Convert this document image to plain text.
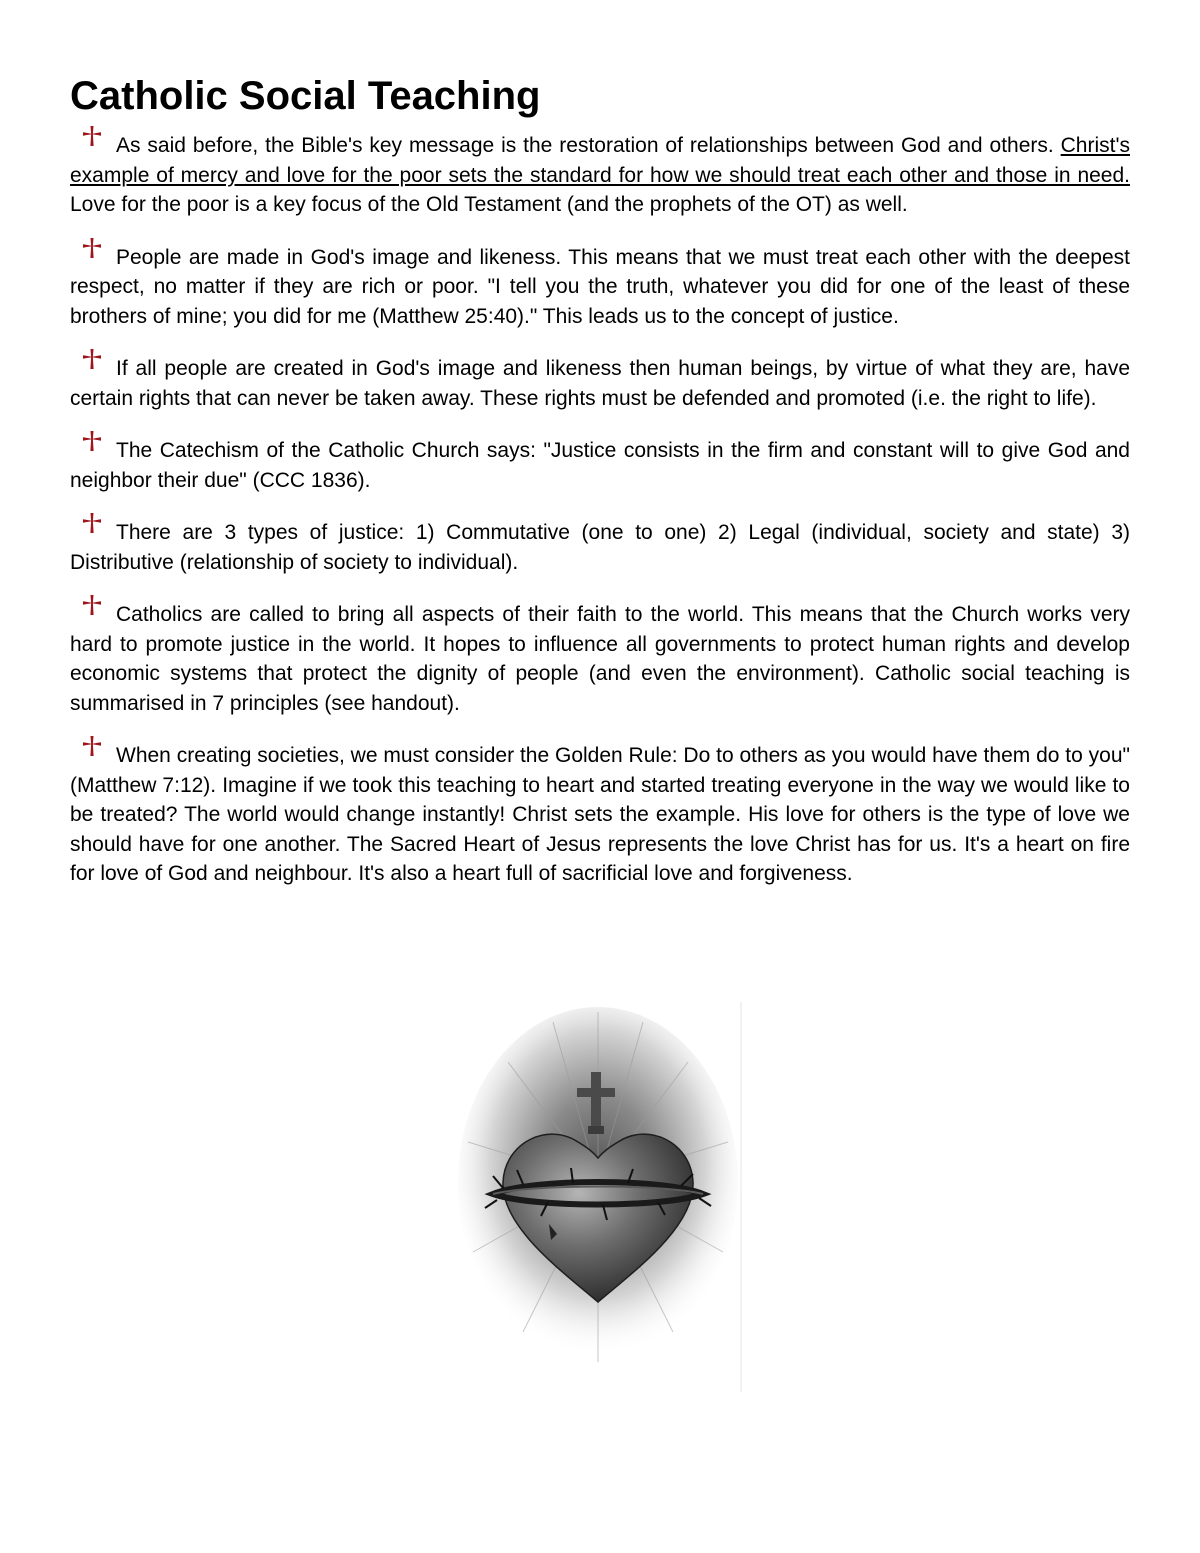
Catholic Social Teaching

As said before, the Bible's key message is the restoration of relationships between God and others. Christ's example of mercy and love for the poor sets the standard for how we should treat each other and those in need. Love for the poor is a key focus of the Old Testament (and the prophets of the OT) as well.

People are made in God's image and likeness. This means that we must treat each other with the deepest respect, no matter if they are rich or poor. "I tell you the truth, whatever you did for one of the least of these brothers of mine; you did for me (Matthew 25:40)." This leads us to the concept of justice.

If all people are created in God's image and likeness then human beings, by virtue of what they are, have certain rights that can never be taken away. These rights must be defended and promoted (i.e. the right to life).

The Catechism of the Catholic Church says: "Justice consists in the firm and constant will to give God and neighbor their due" (CCC 1836).

There are 3 types of justice: 1) Commutative (one to one) 2) Legal (individual, society and state) 3) Distributive (relationship of society to individual).

Catholics are called to bring all aspects of their faith to the world. This means that the Church works very hard to promote justice in the world. It hopes to influence all governments to protect human rights and develop economic systems that protect the dignity of people (and even the environment). Catholic social teaching is summarised in 7 principles (see handout).

When creating societies, we must consider the Golden Rule: Do to others as you would have them do to you" (Matthew 7:12). Imagine if we took this teaching to heart and started treating everyone in the way we would like to be treated? The world would change instantly! Christ sets the example. His love for others is the type of love we should have for one another. The Sacred Heart of Jesus represents the love Christ has for us. It's a heart on fire for love of God and neighbour. It's also a heart full of sacrificial love and forgiveness.
